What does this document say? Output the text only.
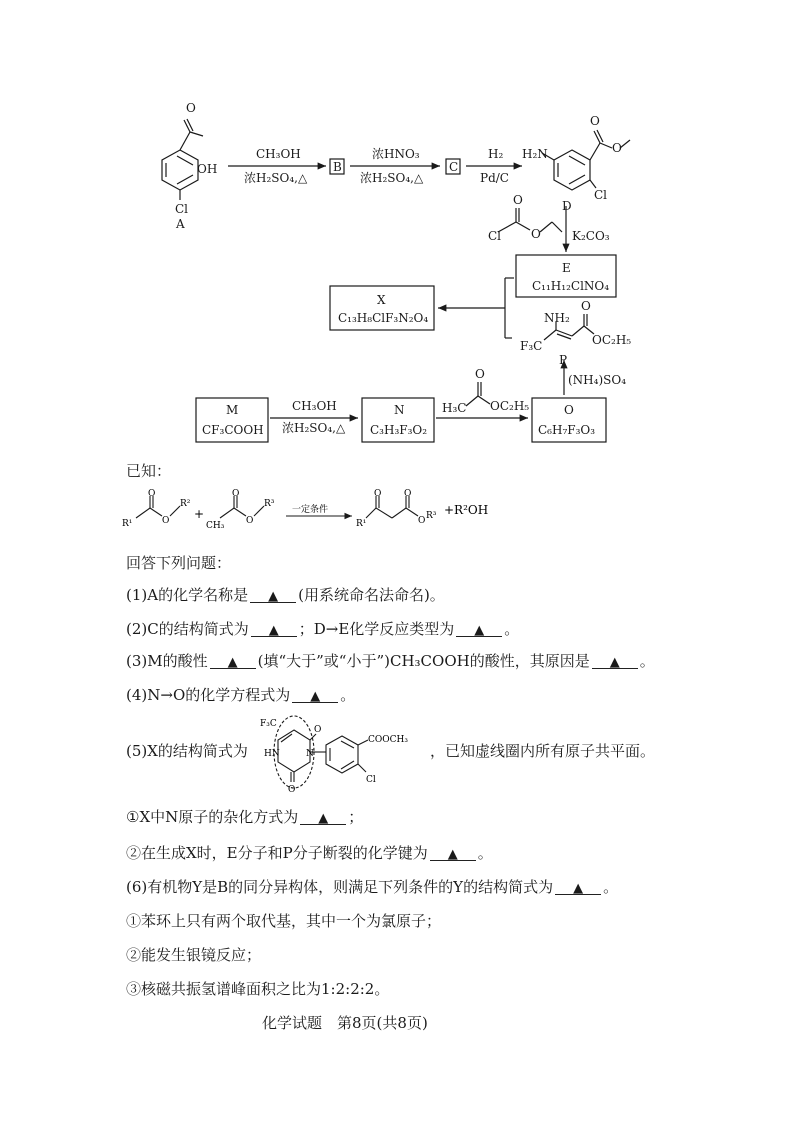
OH
O
Cl
A
CH₃OH
浓H₂SO₄,△
B
浓HNO₃
浓H₂SO₄,△
C
H₂
Pd/C
H₂N
O
O
Cl
D
Cl
O
O	K₂CO₃
E
C₁₁H₁₂ClNO₄
X
C₁₃H₈ClF₃N₂O₄	NH₂
O
F₃C	OC₂H₅
P
(NH₄)SO₄
M
CF₃COOH
CH₃OH
浓H₂SO₄,△
N
C₃H₃F₃O₂
H₃C
O
OC₂H₅	O
C₆H₇F₃O₃
已知：
R¹
O
O
R²
+
CH₃
O
O
R³
一定条件
R¹
O	O
O R³ +R²OH
回答下列问题：
(1)A的化学名称是 ▲ (用系统命名法命名)。
(2)C的结构简式为 ▲ ；D→E化学反应类型为 ▲ 。
(3)M的酸性 ▲ (填“大于”或“小于”)CH₃COOH的酸性，其原因是 ▲ 。
(4)N→O的化学方程式为 ▲ 。
(5)X的结构简式为
F₃C
O
HN	N
O
COOCH₃
Cl
，已知虚线圈内所有原子共平面。
①X中N原子的杂化方式为 ▲ ；
②在生成X时，E分子和P分子断裂的化学键为 ▲ 。
(6)有机物Y是B的同分异构体，则满足下列条件的Y的结构简式为 ▲ 。
①苯环上只有两个取代基，其中一个为氯原子；
②能发生银镜反应；
③核磁共振氢谱峰面积之比为1:2:2:2。
化学试题　第8页(共8页)
